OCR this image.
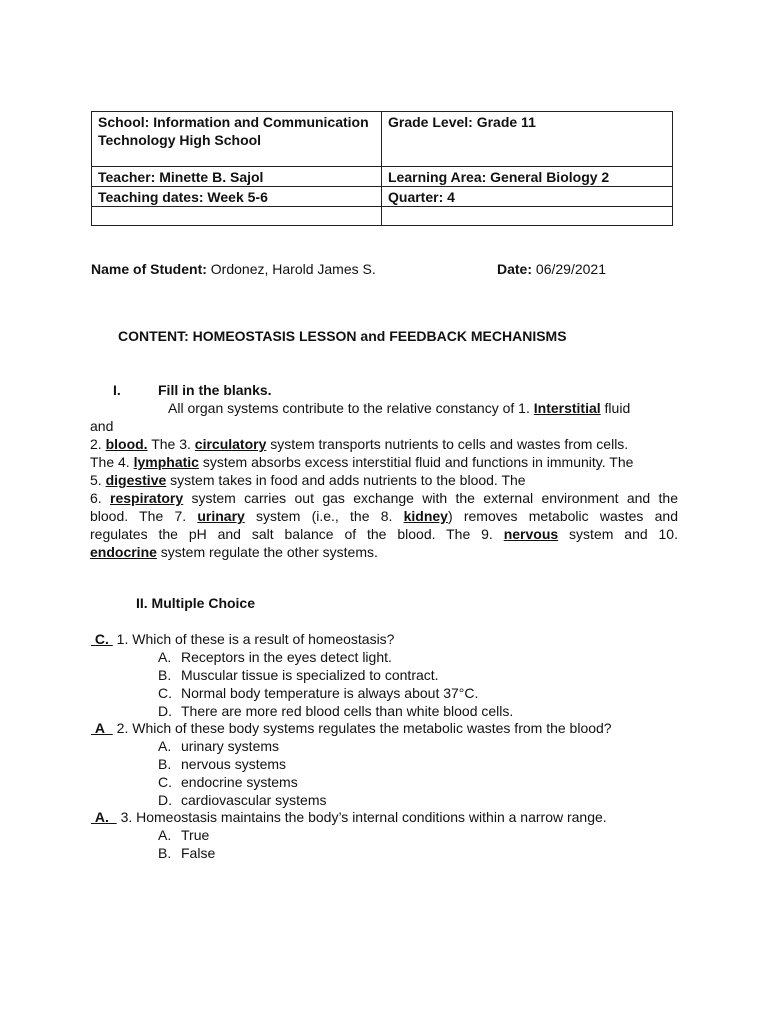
School: Information and Communication Technology High School	Grade Level: Grade 11
Teacher: Minette B. Sajol	Learning Area: General Biology 2
Teaching dates: Week 5-6	Quarter: 4

Name of Student: Ordonez, Harold James S.	Date: 06/29/2021
CONTENT: HOMEOSTASIS LESSON and FEEDBACK MECHANISMS
I.	Fill in the blanks.
All organ systems contribute to the relative constancy of 1. Interstitial fluid
and
2. blood. The 3. circulatory system transports nutrients to cells and wastes from cells.
The 4. lymphatic system absorbs excess interstitial fluid and functions in immunity. The
5. digestive system takes in food and adds nutrients to the blood. The
6. respiratory system carries out gas exchange with the external environment and the
blood. The 7. urinary system (i.e., the 8. kidney) removes metabolic wastes and
regulates the pH and salt balance of the blood. The 9. nervous system and 10.
endocrine system regulate the other systems.
II. Multiple Choice
C.  1. Which of these is a result of homeostasis?
A. Receptors in the eyes detect light.
B. Muscular tissue is specialized to contract.
C. Normal body temperature is always about 37°C.
D. There are more red blood cells than white blood cells.
A   2. Which of these body systems regulates the metabolic wastes from the blood?
A. urinary systems
B. nervous systems
C. endocrine systems
D. cardiovascular systems
A.   3. Homeostasis maintains the body’s internal conditions within a narrow range.
A. True
B. False
